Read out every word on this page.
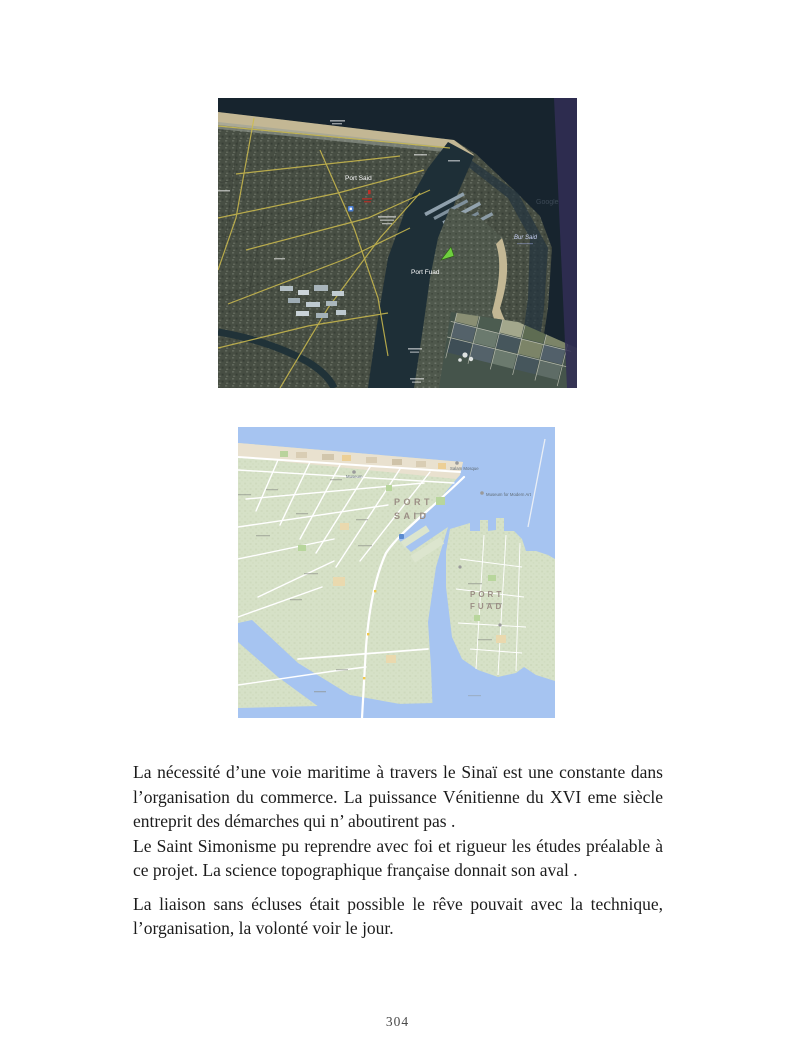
Port Said
Port Fuad
Bur Said
Google
PORT
SAID
PORT
FUAD
Museum
Salam Mosque
Museum for Modern Art

La nécessité d’une voie maritime à travers le Sinaï est une constante dans l’organisation du commerce. La puissance Vénitienne du XVI eme siècle entreprit des démarches qui n’ aboutirent pas .

Le Saint Simonisme pu reprendre avec foi et rigueur les études préalable à ce projet. La science topographique française donnait son aval .

La liaison sans écluses était possible le rêve pouvait avec la technique, l’organisation, la volonté voir le jour.

304
